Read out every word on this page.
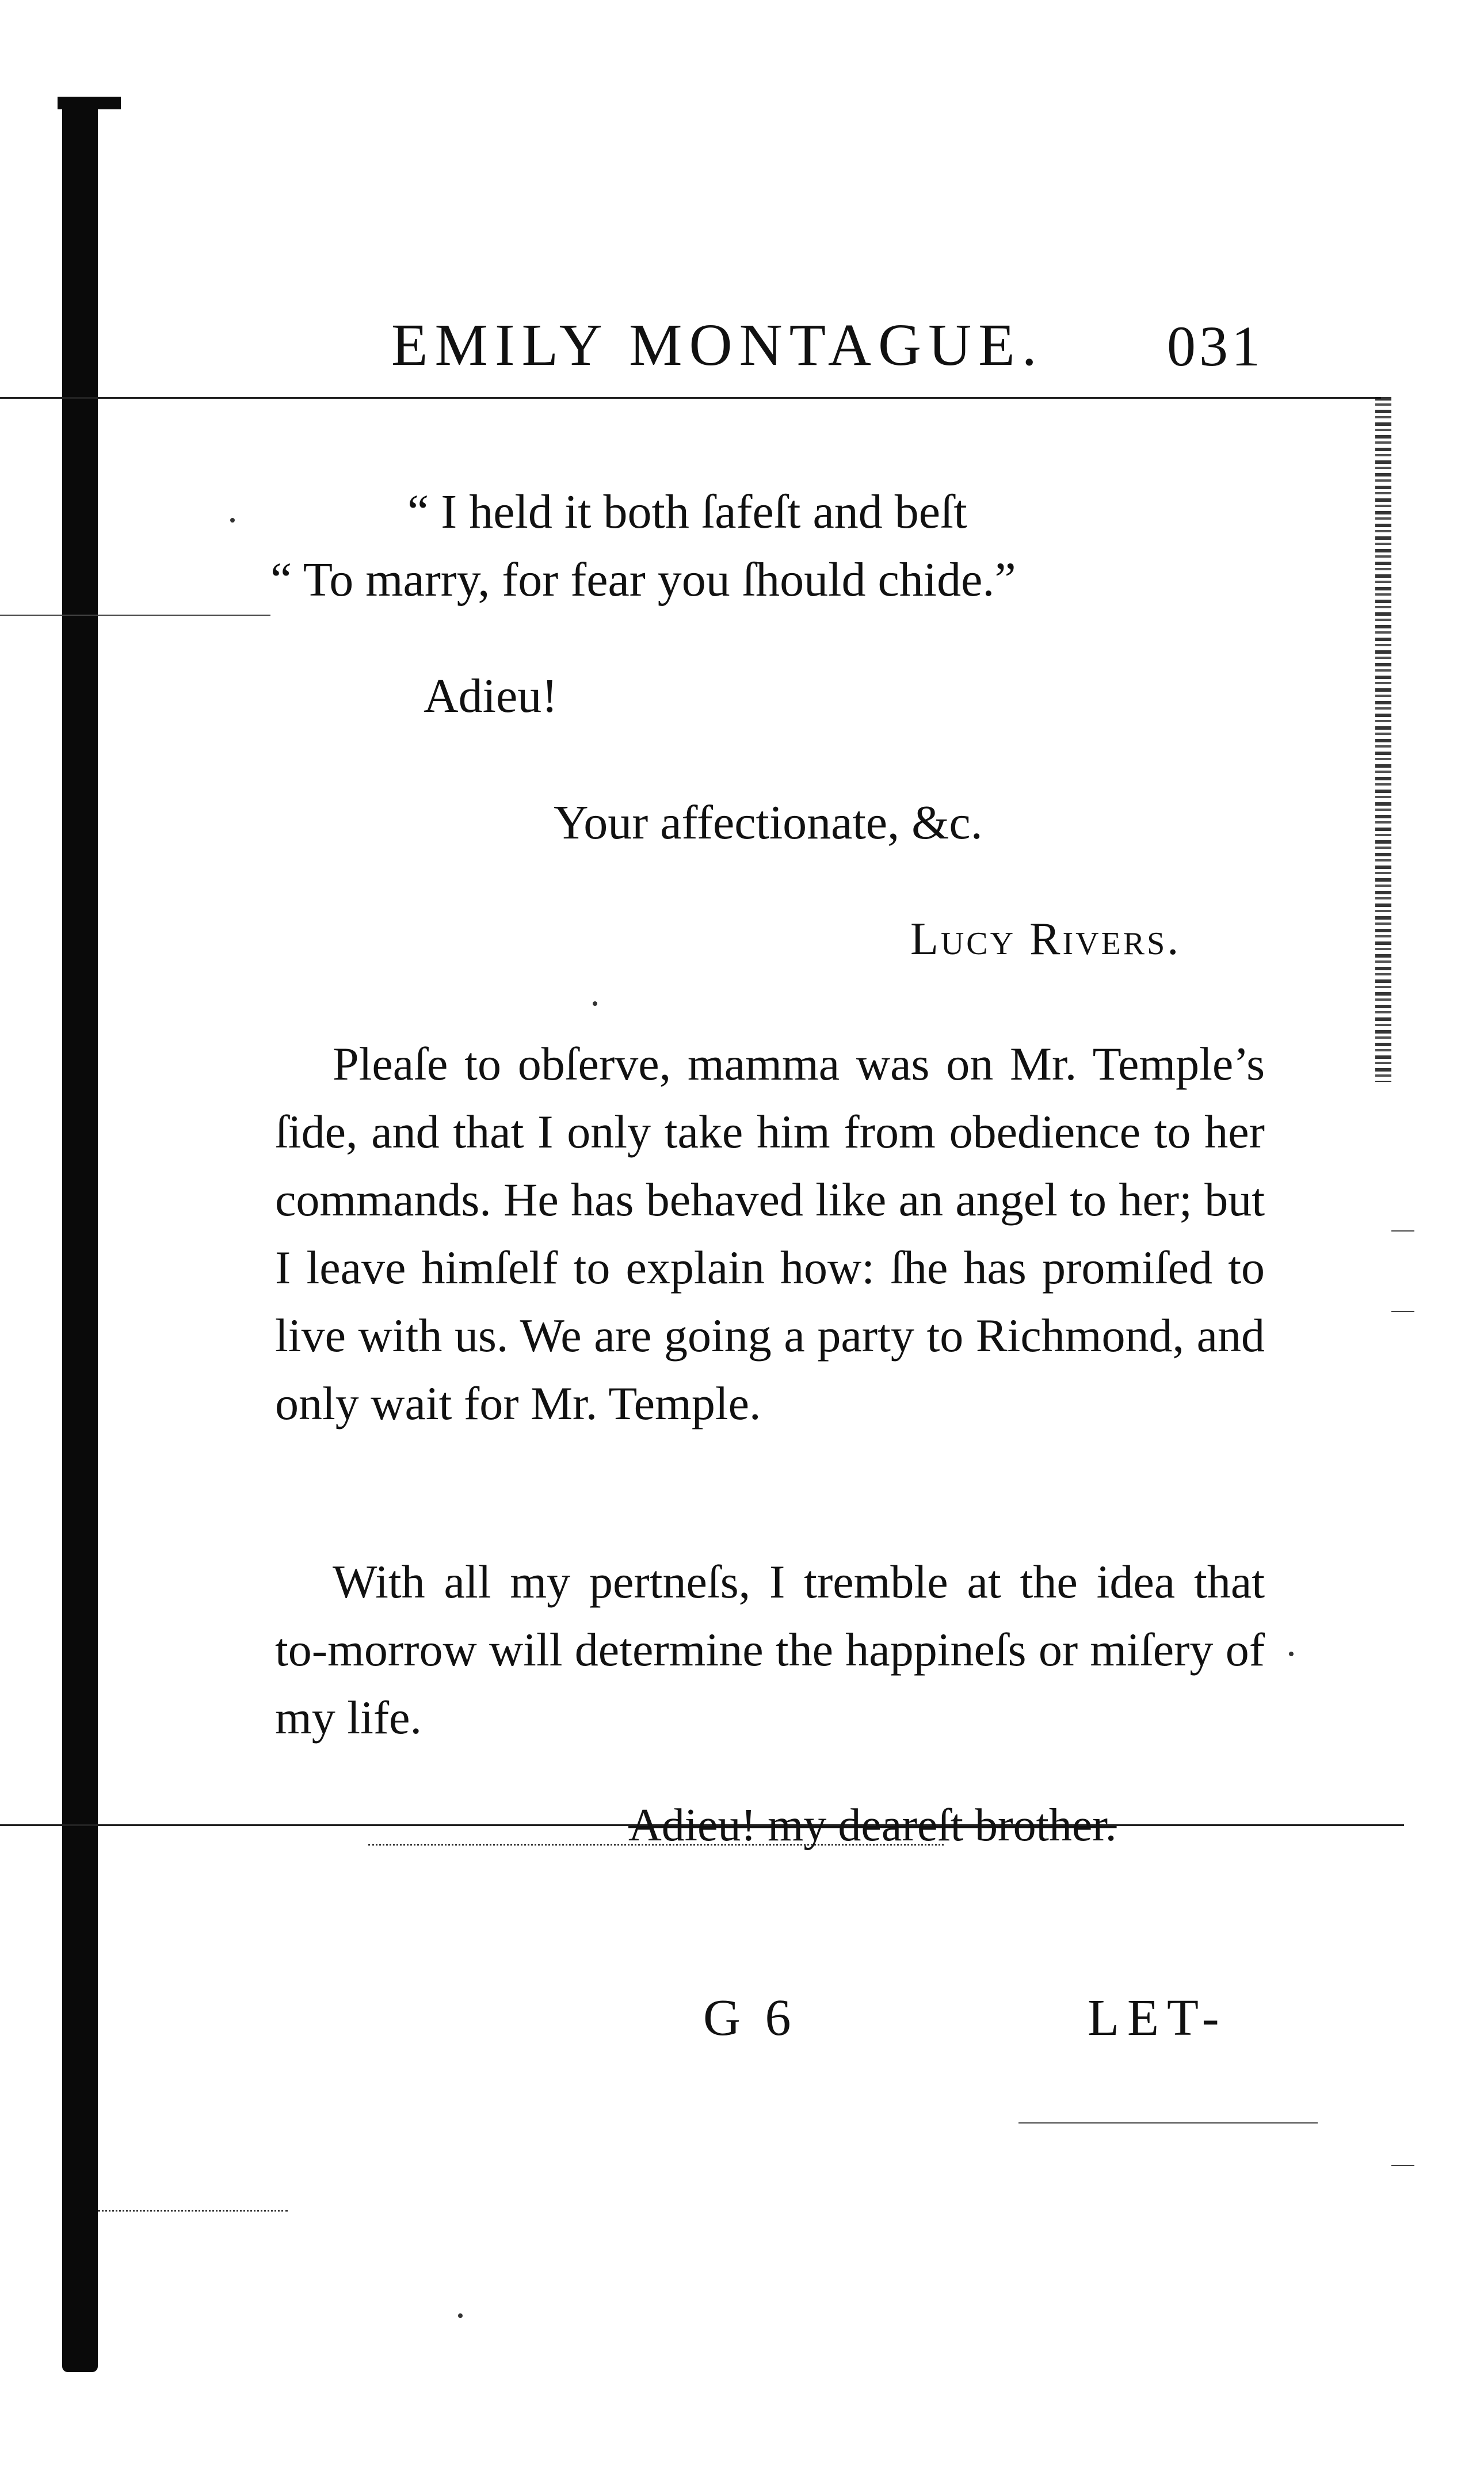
EMILY MONTAGUE. 031
“ I held it both ſafeſt and beſt
“ To marry, for fear you ſhould chide.”
Adieu!
Your affectionate, &c.
Lucy Rivers.
Pleaſe to obſerve, mamma was on Mr. Temple’s ſide, and that I only take him from obedience to her commands. He has behaved like an angel to her; but I leave himſelf to explain how: ſhe has promiſed to live with us. We are going a party to Richmond, and only wait for Mr. Temple.
With all my pertneſs, I tremble at the idea that to-morrow will determine the happineſs or miſery of my life.
Adieu! my deareſt brother.
G 6	LET-
